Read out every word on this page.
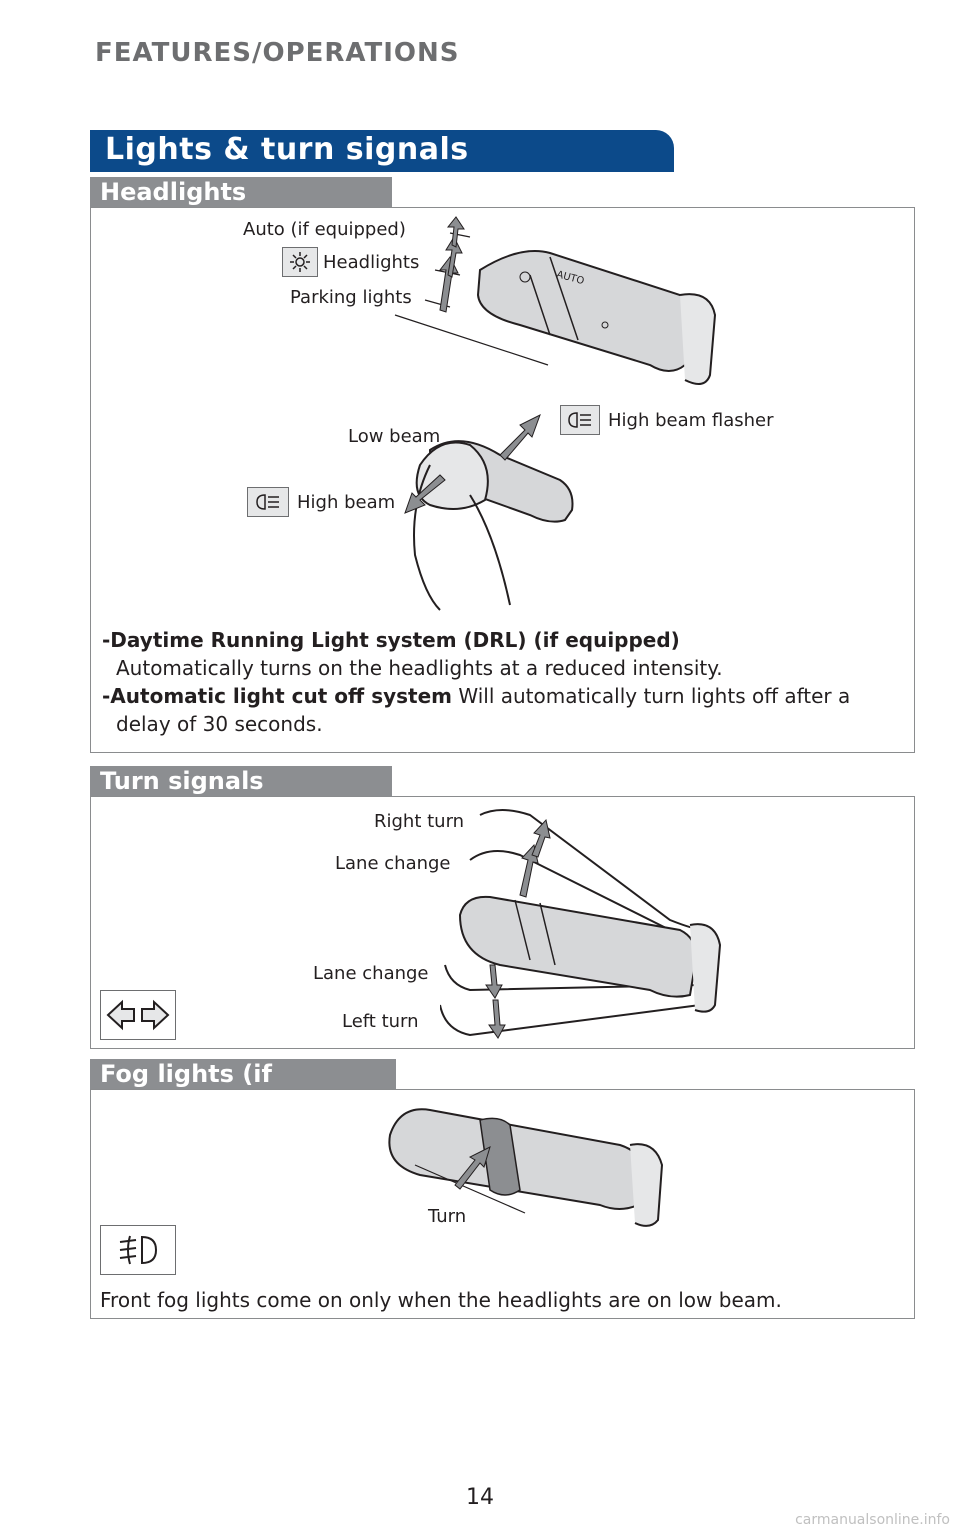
FEATURES/OPERATIONS
Lights & turn signals
Headlights
AUTO
Auto (if equipped)
Headlights
Parking lights
Low beam
High beam flasher
High beam
-Daytime Running Light system (DRL) (if equipped)
Automatically turns on the headlights at a reduced intensity.
-Automatic light cut off system Will automatically turn lights off after a
delay of 30 seconds.
Turn signals
Right turn
Lane change
Lane change
Left turn
Fog lights (if
Turn
Front fog lights come on only when the headlights are on low beam.
14
carmanualsonline.info
